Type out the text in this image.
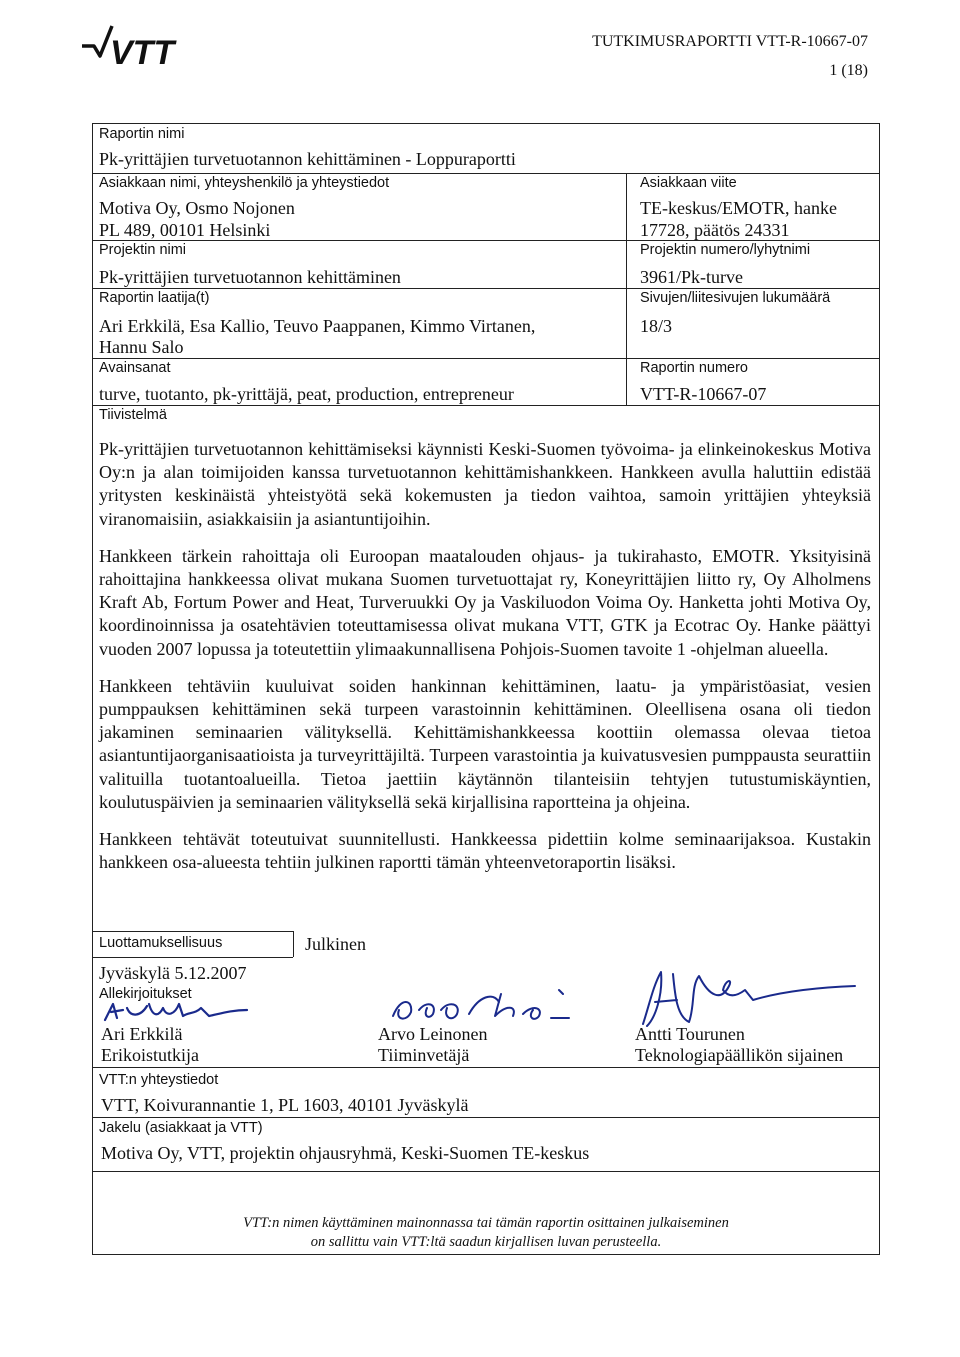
VTT	TUTKIMUSRAPORTTI VTT-R-10667-07
1 (18)
Raportin nimi
Pk-yrittäjien turvetuotannon kehittäminen - Loppuraportti
Asiakkaan nimi, yhteyshenkilö ja yhteystiedot
Motiva Oy, Osmo Nojonen
PL 489, 00101 Helsinki
Asiakkaan viite
TE-keskus/EMOTR, hanke
17728, päätös 24331
Projektin nimi
Pk-yrittäjien turvetuotannon kehittäminen
Projektin numero/lyhytnimi
3961/Pk-turve
Raportin laatija(t)
Ari Erkkilä, Esa Kallio, Teuvo Paappanen, Kimmo Virtanen,
Hannu Salo
Sivujen/liitesivujen lukumäärä
18/3
Avainsanat
turve, tuotanto, pk-yrittäjä, peat, production, entrepreneur
Raportin numero
VTT-R-10667-07
Tiivistelmä

Pk-yrittäjien turvetuotannon kehittämiseksi käynnisti Keski-Suomen työvoima- ja elinkeinokeskus Motiva Oy:n ja alan toimijoiden kanssa turvetuotannon kehittämishankkeen. Hankkeen avulla haluttiin edistää yritysten keskinäistä yhteistyötä sekä kokemusten ja tiedon vaihtoa, samoin yrittäjien yhteyksiä viranomaisiin, asiakkaisiin ja asiantuntijoihin.

Hankkeen tärkein rahoittaja oli Euroopan maatalouden ohjaus- ja tukirahasto, EMOTR. Yksityisinä rahoittajina hankkeessa olivat mukana Suomen turvetuottajat ry, Koneyrittäjien liitto ry, Oy Alholmens Kraft Ab, Fortum Power and Heat, Turveruukki Oy ja Vaskiluodon Voima Oy. Hanketta johti Motiva Oy, koordinoinnissa ja osatehtävien toteuttamisessa olivat mukana VTT, GTK ja Ecotrac Oy. Hanke päättyi vuoden 2007 lopussa ja toteutettiin ylimaakunnallisena Pohjois-Suomen tavoite 1 -ohjelman alueella.

Hankkeen tehtäviin kuuluivat soiden hankinnan kehittäminen, laatu- ja ympäristöasiat, vesien pumppauksen kehittäminen sekä turpeen varastoinnin kehittäminen. Oleellisena osana oli tiedon jakaminen seminaarien välityksellä. Kehittämishankkeessa koottiin olemassa olevaa tietoa asiantuntijaorganisaatioista ja turveyrittäjiltä. Turpeen varastointia ja kuivatusvesien pumppausta seurattiin valituilla tuotantoalueilla. Tietoa jaettiin käytännön tilanteisiin tehtyjen tutustumiskäyntien, koulutuspäivien ja seminaarien välityksellä sekä kirjallisina raportteina ja ohjeina.

Hankkeen tehtävät toteutuivat suunnitellusti. Hankkeessa pidettiin kolme seminaarijaksoa. Kustakin hankkeen osa-alueesta tehtiin julkinen raportti tämän yhteenvetoraportin lisäksi.

Luottamuksellisuus	Julkinen
Jyväskylä 5.12.2007
Allekirjoitukset
Ari Erkkilä
Erikoistutkija
Arvo Leinonen
Tiiminvetäjä
Antti Tourunen
Teknologiapäällikön sijainen
VTT:n yhteystiedot
VTT, Koivurannantie 1, PL 1603, 40101 Jyväskylä
Jakelu (asiakkaat ja VTT)
Motiva Oy, VTT, projektin ohjausryhmä, Keski-Suomen TE-keskus
VTT:n nimen käyttäminen mainonnassa tai tämän raportin osittainen julkaiseminen
on sallittu vain VTT:ltä saadun kirjallisen luvan perusteella.
